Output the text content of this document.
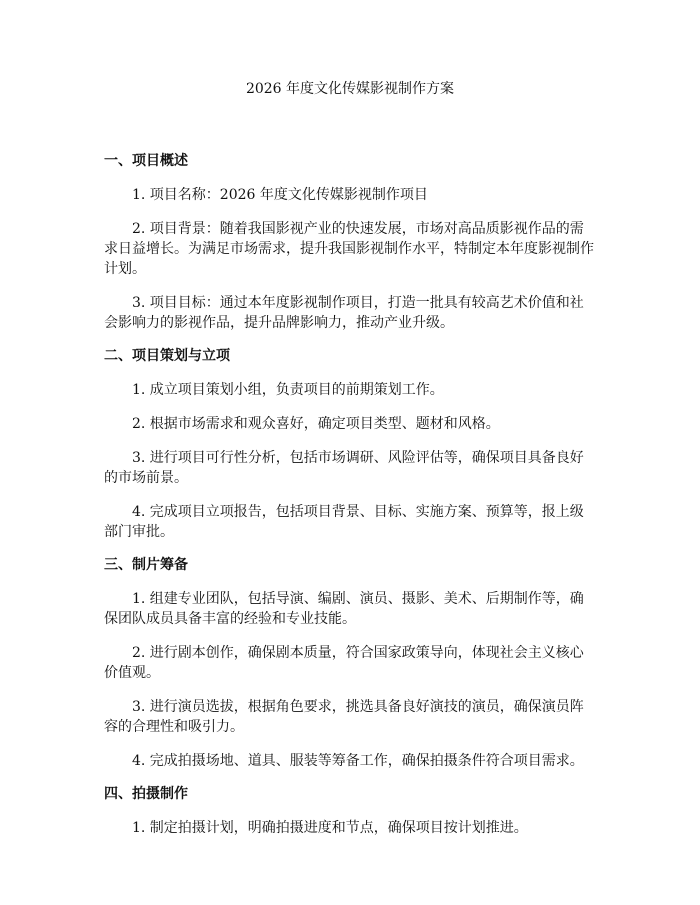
2026 年度文化传媒影视制作方案
一、项目概述

1. 项目名称：2026 年度文化传媒影视制作项目

2. 项目背景：随着我国影视产业的快速发展，市场对高品质影视作品的需求日益增长。为满足市场需求，提升我国影视制作水平，特制定本年度影视制作计划。

3. 项目目标：通过本年度影视制作项目，打造一批具有较高艺术价值和社会影响力的影视作品，提升品牌影响力，推动产业升级。

二、项目策划与立项

1. 成立项目策划小组，负责项目的前期策划工作。

2. 根据市场需求和观众喜好，确定项目类型、题材和风格。

3. 进行项目可行性分析，包括市场调研、风险评估等，确保项目具备良好的市场前景。

4. 完成项目立项报告，包括项目背景、目标、实施方案、预算等，报上级部门审批。

三、制片筹备

1. 组建专业团队，包括导演、编剧、演员、摄影、美术、后期制作等，确保团队成员具备丰富的经验和专业技能。

2. 进行剧本创作，确保剧本质量，符合国家政策导向，体现社会主义核心价值观。

3. 进行演员选拔，根据角色要求，挑选具备良好演技的演员，确保演员阵容的合理性和吸引力。

4. 完成拍摄场地、道具、服装等筹备工作，确保拍摄条件符合项目需求。

四、拍摄制作

1. 制定拍摄计划，明确拍摄进度和节点，确保项目按计划推进。
